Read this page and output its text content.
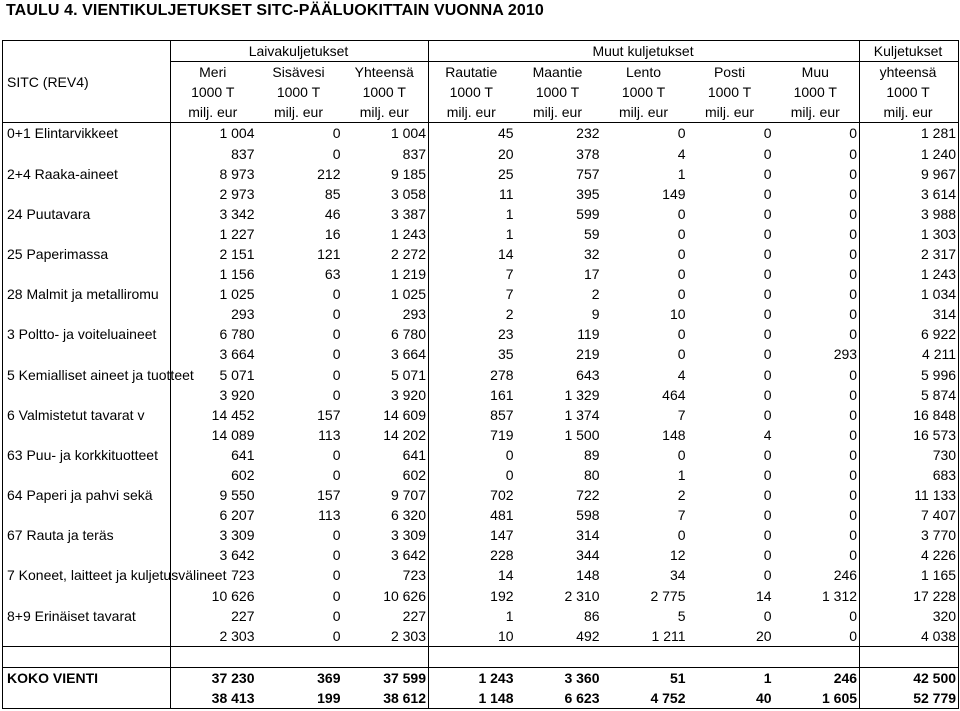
TAULU 4. VIENTIKULJETUKSET SITC-PÄÄLUOKITTAIN VUONNA 2010
SITC (REV4)	Laivakuljetukset			Muut kuljetukset					Kuljetukset
	Meri	Sisävesi	Yhteensä	Rautatie	Maantie	Lento	Posti	Muu	yhteensä
	1000 T	1000 T	1000 T	1000 T	1000 T	1000 T	1000 T	1000 T	1000 T
	milj. eur	milj. eur	milj. eur	milj. eur	milj. eur	milj. eur	milj. eur	milj. eur	milj. eur
0+1 Elintarvikkeet	1 004	0	1 004	45	232	0	0	0	1 281
	837	0	837	20	378	4	0	0	1 240
2+4 Raaka-aineet	8 973	212	9 185	25	757	1	0	0	9 967
	2 973	85	3 058	11	395	149	0	0	3 614
24 Puutavara	3 342	46	3 387	1	599	0	0	0	3 988
	1 227	16	1 243	1	59	0	0	0	1 303
25 Paperimassa	2 151	121	2 272	14	32	0	0	0	2 317
	1 156	63	1 219	7	17	0	0	0	1 243
28 Malmit ja metalliromu	1 025	0	1 025	7	2	0	0	0	1 034
	293	0	293	2	9	10	0	0	314
3 Poltto- ja voiteluaineet	6 780	0	6 780	23	119	0	0	0	6 922
	3 664	0	3 664	35	219	0	0	293	4 211
5 Kemialliset aineet ja tuotteet	5 071	0	5 071	278	643	4	0	0	5 996
	3 920	0	3 920	161	1 329	464	0	0	5 874
6 Valmistetut tavarat v	14 452	157	14 609	857	1 374	7	0	0	16 848
	14 089	113	14 202	719	1 500	148	4	0	16 573
63 Puu- ja korkkituotteet	641	0	641	0	89	0	0	0	730
	602	0	602	0	80	1	0	0	683
64 Paperi ja pahvi sekä	9 550	157	9 707	702	722	2	0	0	11 133
	6 207	113	6 320	481	598	7	0	0	7 407
67 Rauta ja teräs	3 309	0	3 309	147	314	0	0	0	3 770
	3 642	0	3 642	228	344	12	0	0	4 226
7 Koneet, laitteet ja kuljetusvälineet	723	0	723	14	148	34	0	246	1 165
	10 626	0	10 626	192	2 310	2 775	14	1 312	17 228
8+9 Erinäiset tavarat	227	0	227	1	86	5	0	0	320
	2 303	0	2 303	10	492	1 211	20	0	4 038

KOKO VIENTI	37 230	369	37 599	1 243	3 360	51	1	246	42 500
	38 413	199	38 612	1 148	6 623	4 752	40	1 605	52 779
